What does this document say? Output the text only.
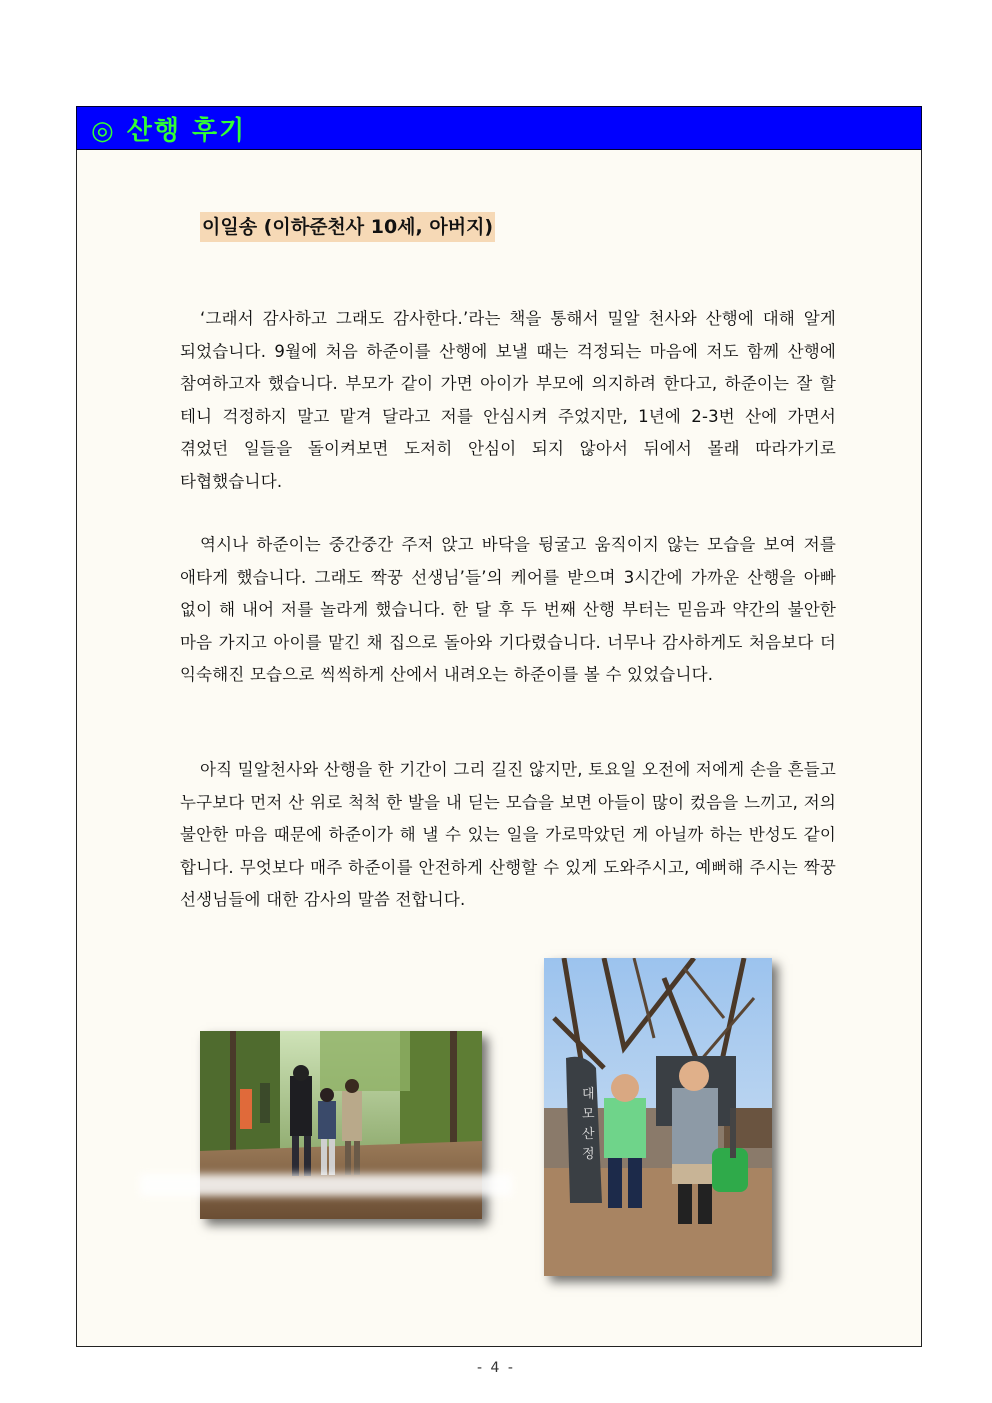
◎ 산행 후기
이일송 (이하준천사 10세, 아버지)

‘그래서 감사하고 그래도 감사한다.’라는 책을 통해서 밀알 천사와 산행에 대해 알게 되었습니다. 9월에 처음 하준이를 산행에 보낼 때는 걱정되는 마음에 저도 함께 산행에 참여하고자 했습니다. 부모가 같이 가면 아이가 부모에 의지하려 한다고, 하준이는 잘 할 테니 걱정하지 말고 맡겨 달라고 저를 안심시켜 주었지만, 1년에 2-3번 산에 가면서 겪었던 일들을 돌이켜보면 도저히 안심이 되지 않아서 뒤에서 몰래 따라가기로 타협했습니다.

역시나 하준이는 중간중간 주저 앉고 바닥을 뒹굴고 움직이지 않는 모습을 보여 저를 애타게 했습니다. 그래도 짝꿍 선생님’들’의 케어를 받으며 3시간에 가까운 산행을 아빠 없이 해 내어 저를 놀라게 했습니다. 한 달 후 두 번째 산행 부터는 믿음과 약간의 불안한 마음 가지고 아이를 맡긴 채 집으로 돌아와 기다렸습니다. 너무나 감사하게도 처음보다 더 익숙해진 모습으로 씩씩하게 산에서 내려오는 하준이를 볼 수 있었습니다.

아직 밀알천사와 산행을 한 기간이 그리 길진 않지만, 토요일 오전에 저에게 손을 흔들고 누구보다 먼저 산 위로 척척 한 발을 내 딛는 모습을 보면 아들이 많이 컸음을 느끼고, 저의 불안한 마음 때문에 하준이가 해 낼 수 있는 일을 가로막았던 게 아닐까 하는 반성도 같이 합니다. 무엇보다 매주 하준이를 안전하게 산행할 수 있게 도와주시고, 예뻐해 주시는 짝꿍 선생님들에 대한 감사의 말씀 전합니다.

대
모
산
정
- 4 -
